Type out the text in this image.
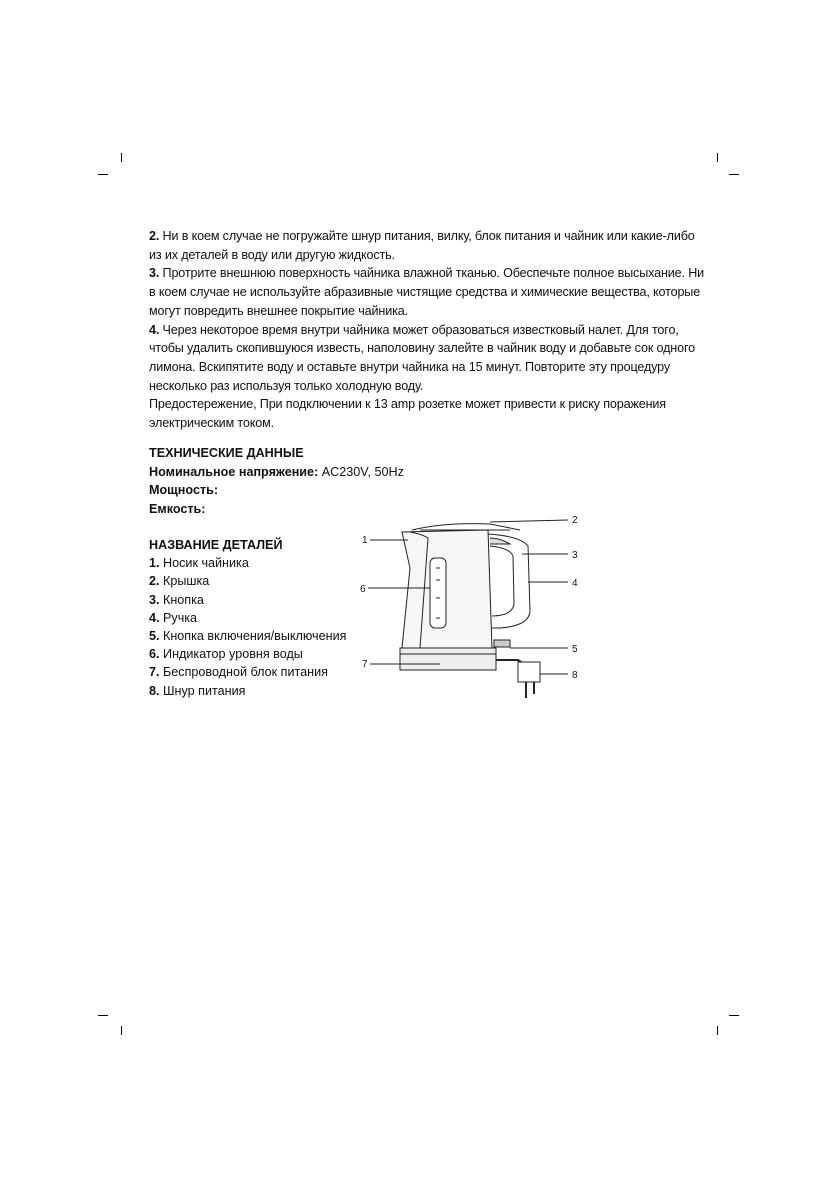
2. Ни в коем случае не погружайте шнур питания, вилку, блок питания и чайник или какие-либо из их деталей в воду или другую жидкость.

3. Протрите внешнюю поверхность чайника влажной тканью. Обеспечьте полное высыхание. Ни в коем случае не используйте абразивные чистящие средства и химические вещества, которые могут повредить внешнее покрытие чайника.

4. Через некоторое время внутри чайника может образоваться известковый налет. Для того, чтобы удалить скопившуюся известь, наполовину залейте в чайник воду и добавьте сок одного лимона. Вскипятите воду и оставьте внутри чайника на 15 минут. Повторите эту процедуру несколько раз используя только холодную воду.

Предостережение, При подключении к 13 amp розетке может привести к риску поражения электрическим током.

ТЕХНИЧЕСКИЕ ДАННЫЕ

Номинальное напряжение: AC230V, 50Hz

Мощность:

Емкость:

НАЗВАНИЕ ДЕТАЛЕЙ

1. Носик чайника

2. Крышка

3. Кнопка

4. Ручка

5. Кнопка включения/выключения

6. Индикатор уровня воды

7. Беспроводной блок питания

8. Шнур питания

1
2
3
4
5
6
7
8
